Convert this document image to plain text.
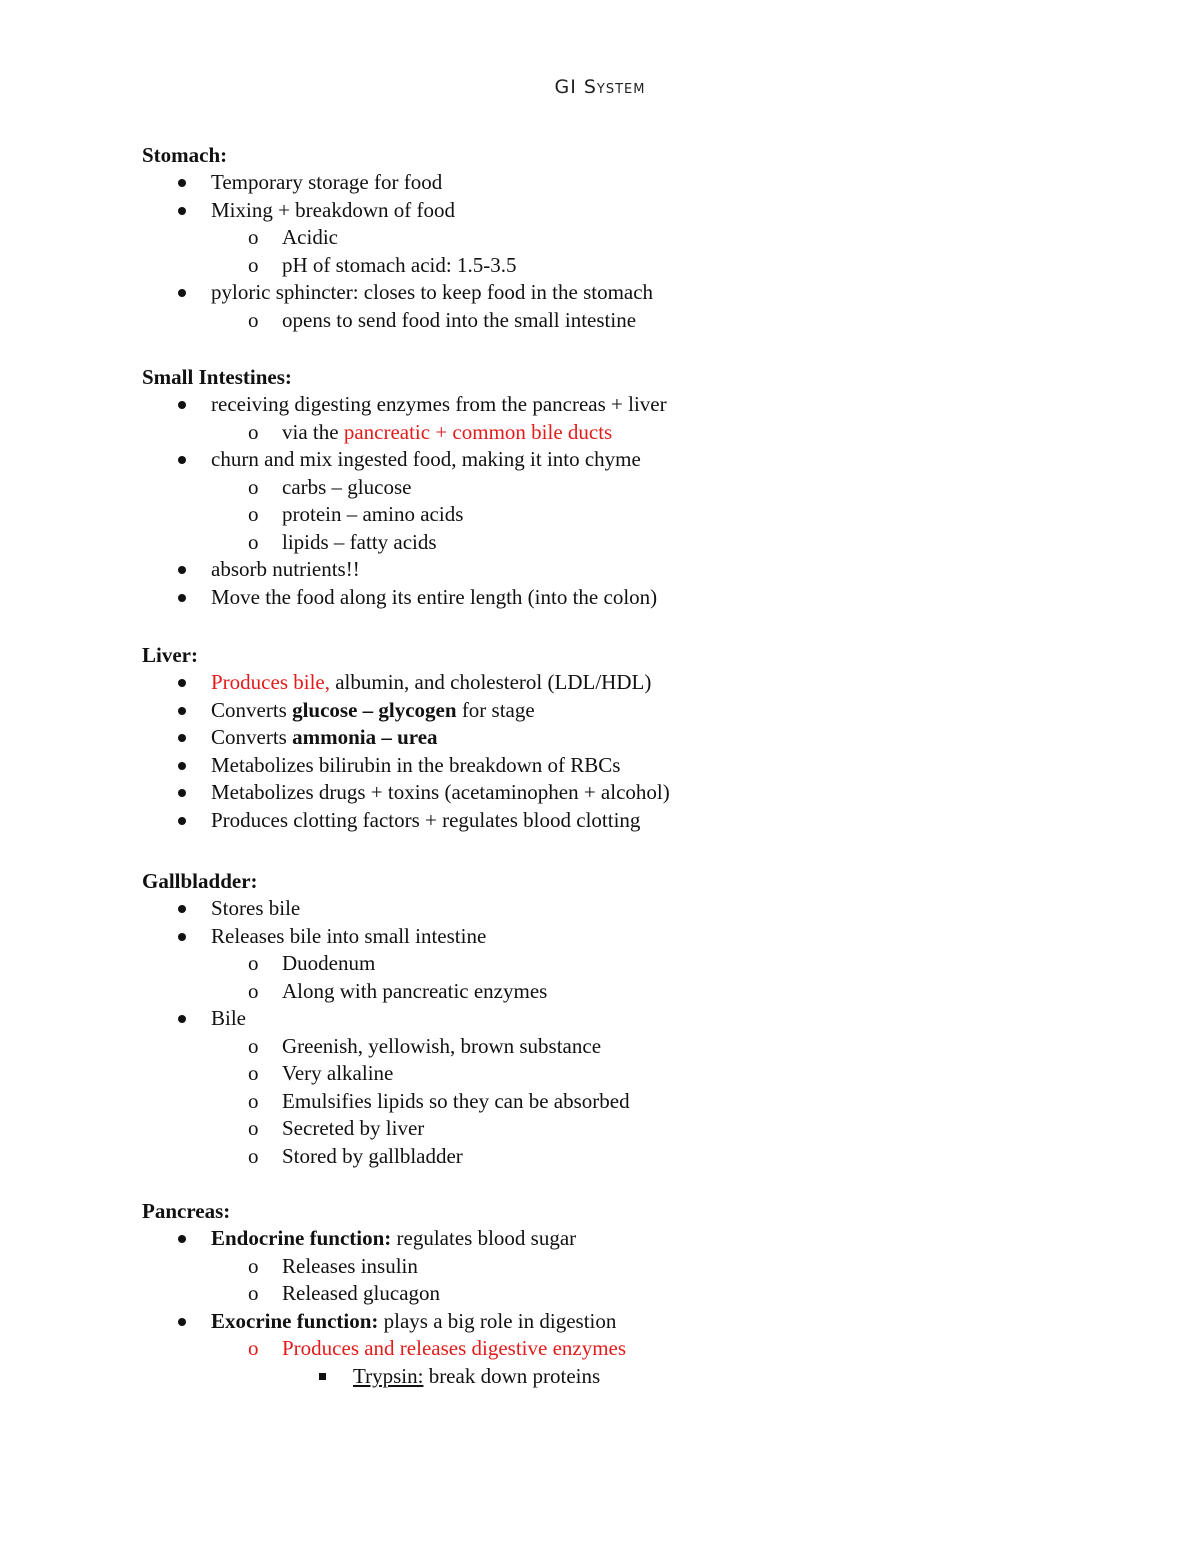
GI System
Stomach:
Temporary storage for food
Mixing + breakdown of food
o Acidic
o pH of stomach acid: 1.5-3.5
pyloric sphincter: closes to keep food in the stomach
o opens to send food into the small intestine
Small Intestines:
receiving digesting enzymes from the pancreas + liver
o via the pancreatic + common bile ducts
churn and mix ingested food, making it into chyme
o carbs – glucose
o protein – amino acids
o lipids – fatty acids
absorb nutrients!!
Move the food along its entire length (into the colon)
Liver:
Produces bile, albumin, and cholesterol (LDL/HDL)
Converts glucose – glycogen for stage
Converts ammonia – urea
Metabolizes bilirubin in the breakdown of RBCs
Metabolizes drugs + toxins (acetaminophen + alcohol)
Produces clotting factors + regulates blood clotting
Gallbladder:
Stores bile
Releases bile into small intestine
o Duodenum
o Along with pancreatic enzymes
Bile
o Greenish, yellowish, brown substance
o Very alkaline
o Emulsifies lipids so they can be absorbed
o Secreted by liver
o Stored by gallbladder
Pancreas:
Endocrine function: regulates blood sugar
o Releases insulin
o Released glucagon
Exocrine function: plays a big role in digestion
o Produces and releases digestive enzymes
Trypsin: break down proteins
